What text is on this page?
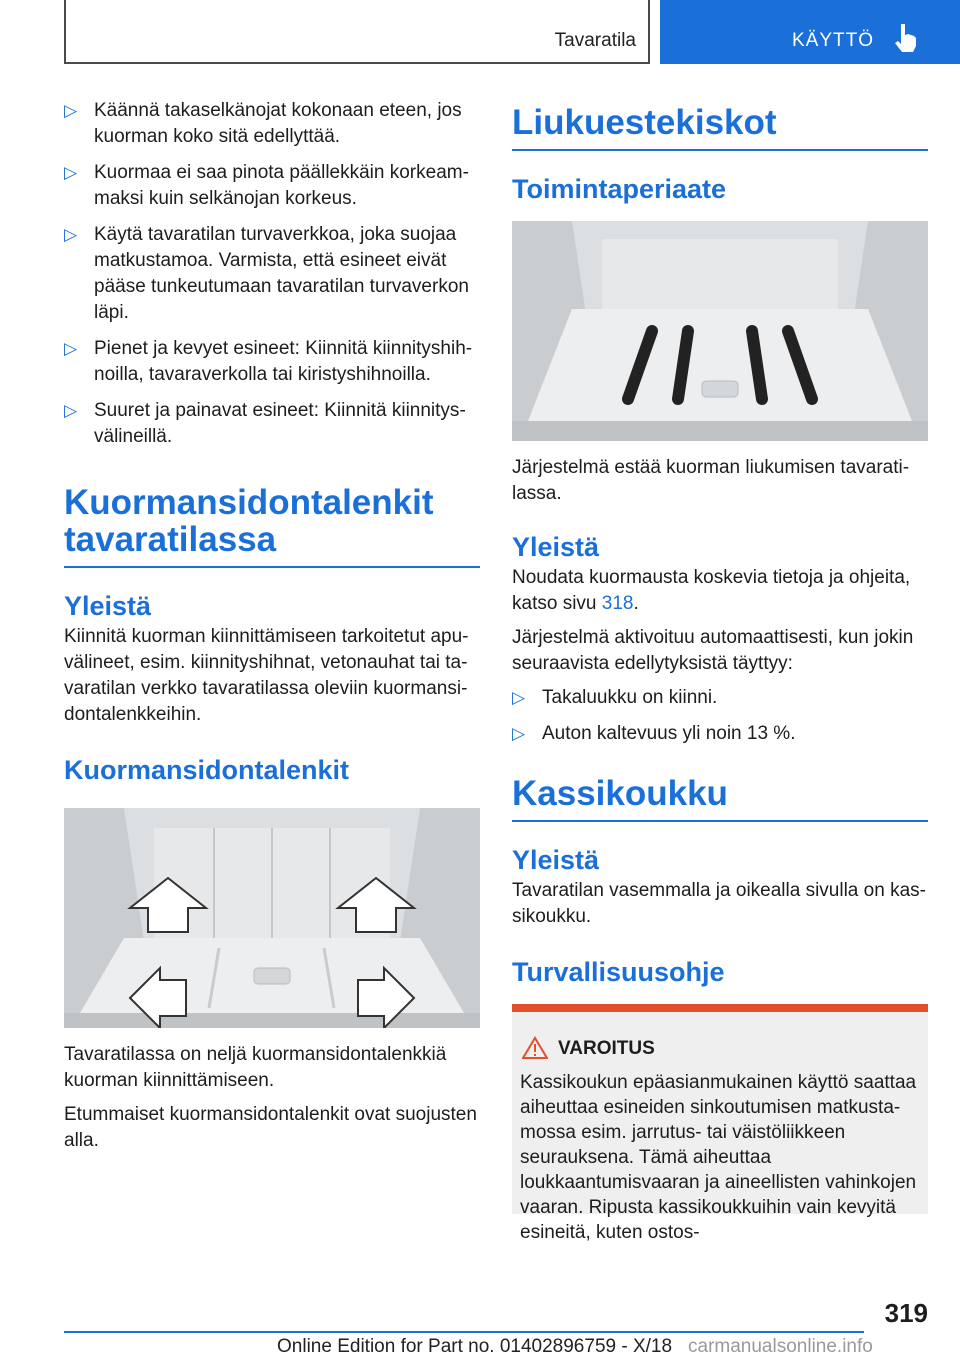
Tavaratila	KÄYTTÖ
▷ Käännä takaselkänojat kokonaan eteen, jos kuorman koko sitä edellyttää.
▷ Kuormaa ei saa pinota päällekkäin korkeammaksi kuin selkänojan korkeus.
▷ Käytä tavaratilan turvaverkkoa, joka suojaa matkustamoa. Varmista, että esineet eivät pääse tunkeutumaan tavaratilan turvaverkon läpi.
▷ Pienet ja kevyet esineet: Kiinnitä kiinnityshihnoilla, tavaraverkolla tai kiristyshihnoilla.
▷ Suuret ja painavat esineet: Kiinnitä kiinnitysvälineillä.
Kuormansidontalenkit tavaratilassa
Yleistä

Kiinnitä kuorman kiinnittämiseen tarkoitetut apuvälineet, esim. kiinnityshihnat, vetonauhat tai tavaratilan verkko tavaratilassa oleviin kuormansidontalenkkeihin.

Kuormansidontalenkit

Tavaratilassa on neljä kuormansidontalenkkiä kuorman kiinnittämiseen.

Etummaiset kuormansidontalenkit ovat suojusten alla.

Liukuestekiskot
Toimintaperiaate

Järjestelmä estää kuorman liukumisen tavaratilassa.

Yleistä

Noudata kuormausta koskevia tietoja ja ohjeita, katso sivu 318.

Järjestelmä aktivoituu automaattisesti, kun jokin seuraavista edellytyksistä täyttyy:

▷ Takaluukku on kiinni.
▷ Auton kaltevuus yli noin 13 %.
Kassikoukku
Yleistä

Tavaratilan vasemmalla ja oikealla sivulla on kassikoukku.

Turvallisuusohje
VAROITUS

Kassikoukun epäasianmukainen käyttö saattaa aiheuttaa esineiden sinkoutumisen matkustamossa esim. jarrutus- tai väistöliikkeen seurauksena. Tämä aiheuttaa loukkaantumisvaaran ja aineellisten vahinkojen vaaran. Ripusta kassikoukkuihin vain kevyitä esineitä, kuten ostos-

319
Online Edition for Part no. 01402896759 - X/18 carmanualsonline.info
